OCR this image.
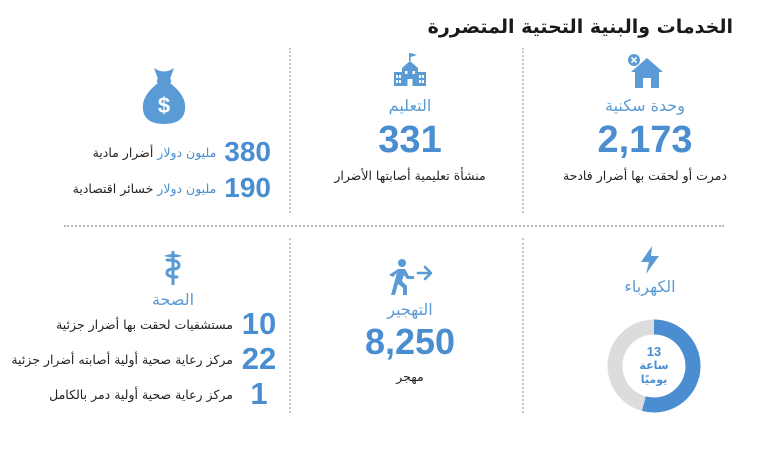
الخدمات والبنية التحتية المتضررة
وحدة سكنية
2,173
دمرت أو لحقت بها أضرار فادحة
التعليم
331
منشأة تعليمية أصابتها الأضرار
$
380
مليون دولار
أضرار مادية
190
مليون دولار
خسائر اقتصادية
الكهرباء
13
ساعة
يوميًا
التهجير
8,250
مهجر
الصحة
10
مستشفيات لحقت بها أضرار جزئية
22
مركز رعاية صحية أولية أصابته أضرار جزئية
1
مركز رعاية صحية أولية دمر بالكامل
